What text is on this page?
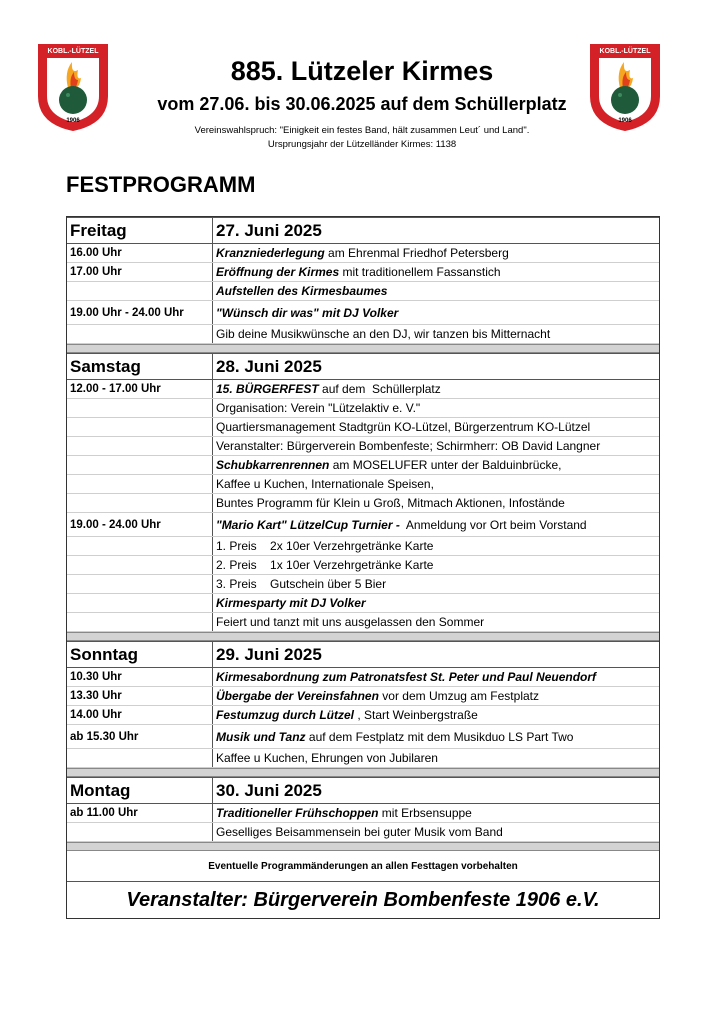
KOBL.-LÜTZEL
1906
KOBL.-LÜTZEL
1906
885. Lützeler Kirmes
vom 27.06. bis 30.06.2025 auf dem Schüllerplatz
Vereinswahlspruch: "Einigkeit ein festes Band, hält zusammen Leut´ und Land".
Ursprungsjahr der Lützelländer Kirmes: 1138
FESTPROGRAMM
Freitag	27. Juni 2025
16.00 Uhr	Kranzniederlegung am Ehrenmal Friedhof Petersberg
17.00 Uhr	Eröffnung der Kirmes mit traditionellem Fassanstich
Aufstellen des Kirmesbaumes
19.00 Uhr - 24.00 Uhr	"Wünsch dir was" mit DJ Volker
Gib deine Musikwünsche an den DJ, wir tanzen bis Mitternacht
Samstag	28. Juni 2025
12.00 - 17.00 Uhr	15. BÜRGERFEST auf dem  Schüllerplatz
Organisation: Verein "Lützelaktiv e. V."
Quartiersmanagement Stadtgrün KO-Lützel, Bürgerzentrum KO-Lützel
Veranstalter: Bürgerverein Bombenfeste; Schirmherr: OB David Langner
Schubkarrenrennen am MOSELUFER unter der Balduinbrücke,
Kaffee u Kuchen, Internationale Speisen,
Buntes Programm für Klein u Groß, Mitmach Aktionen, Infostände
19.00 - 24.00 Uhr	"Mario Kart" LützelCup Turnier - Anmeldung vor Ort beim Vorstand
1. Preis    2x 10er Verzehrgetränke Karte
2. Preis    1x 10er Verzehrgetränke Karte
3. Preis    Gutschein über 5 Bier
Kirmesparty mit DJ Volker
Feiert und tanzt mit uns ausgelassen den Sommer
Sonntag	29. Juni 2025
10.30 Uhr	Kirmesabordnung zum Patronatsfest St. Peter und Paul Neuendorf
13.30 Uhr	Übergabe der Vereinsfahnen vor dem Umzug am Festplatz
14.00 Uhr	Festumzug durch Lützel , Start Weinbergstraße
ab 15.30 Uhr	Musik und Tanz auf dem Festplatz mit dem Musikduo LS Part Two
Kaffee u Kuchen, Ehrungen von Jubilaren
Montag	30. Juni 2025
ab 11.00 Uhr	Traditioneller Frühschoppen mit Erbsensuppe
Geselliges Beisammensein bei guter Musik vom Band
Eventuelle Programmänderungen an allen Festtagen vorbehalten
Veranstalter: Bürgerverein Bombenfeste 1906 e.V.
